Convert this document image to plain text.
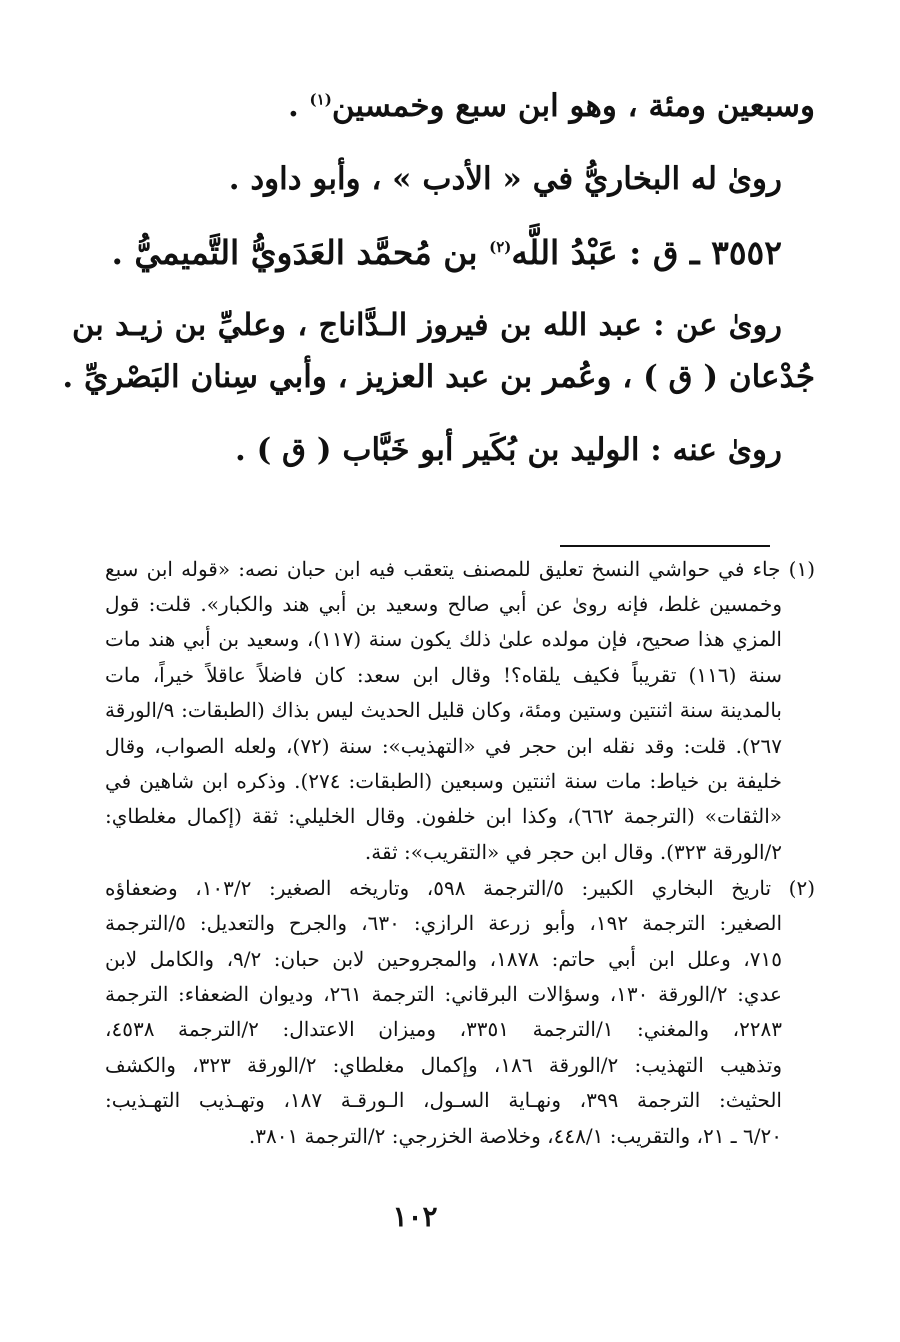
وسبعين ومئة ، وهو ابن سبع وخمسين$^{(١)}$ .
روىٰ له البخاريُّ في « الأدب » ، وأبو داود .
٣٥٥٢ ـ ق : عَبْدُ اللَّه$^{(٢)}$ بن مُحمَّد العَدَويُّ التَّميميُّ .
روىٰ عن : عبد الله بن فيروز الـدَّاناج ، وعليِّ بن زيـد بن
جُدْعان ( ق ) ، وعُمر بن عبد العزيز ، وأبي سِنان البَصْريِّ .
روىٰ عنه : الوليد بن بُكَير أبو خَبَّاب ( ق ) .
(١) جاء في حواشي النسخ تعليق للمصنف يتعقب فيه ابن حبان نصه: «قوله ابن سبع
وخمسين غلط، فإنه روىٰ عن أبي صالح وسعيد بن أبي هند والكبار». قلت: قول
المزي هذا صحيح، فإن مولده علىٰ ذلك يكون سنة (١١٧)، وسعيد بن أبي هند مات
سنة (١١٦) تقريباً فكيف يلقاه؟! وقال ابن سعد: كان فاضلاً عاقلاً خيراً، مات
بالمدينة سنة اثنتين وستين ومئة، وكان قليل الحديث ليس بذاك (الطبقات: ٩/الورقة
٢٦٧). قلت: وقد نقله ابن حجر في «التهذيب»: سنة (٧٢)، ولعله الصواب، وقال
خليفة بن خياط: مات سنة اثنتين وسبعين (الطبقات: ٢٧٤). وذكره ابن شاهين في
«الثقات» (الترجمة ٦٦٢)، وكذا ابن خلفون. وقال الخليلي: ثقة (إكمال مغلطاي:
٢/الورقة ٣٢٣). وقال ابن حجر في «التقريب»: ثقة.
(٢) تاريخ البخاري الكبير: ٥/الترجمة ٥٩٨، وتاريخه الصغير: ١٠٣/٢، وضعفاؤه
الصغير: الترجمة ١٩٢، وأبو زرعة الرازي: ٦٣٠، والجرح والتعديل: ٥/الترجمة
٧١٥، وعلل ابن أبي حاتم: ١٨٧٨، والمجروحين لابن حبان: ٩/٢، والكامل لابن
عدي: ٢/الورقة ١٣٠، وسؤالات البرقاني: الترجمة ٢٦١، وديوان الضعفاء: الترجمة
٢٢٨٣، والمغني: ١/الترجمة ٣٣٥١، وميزان الاعتدال: ٢/الترجمة ٤٥٣٨،
وتذهيب التهذيب: ٢/الورقة ١٨٦، وإكمال مغلطاي: ٢/الورقة ٣٢٣، والكشف
الحثيث: الترجمة ٣٩٩، ونهـاية السـول، الـورقـة ١٨٧، وتهـذيب التهـذيب:
٦/٢٠ ـ ٢١، والتقريب: ٤٤٨/١، وخلاصة الخزرجي: ٢/الترجمة ٣٨٠١.
١٠٢
